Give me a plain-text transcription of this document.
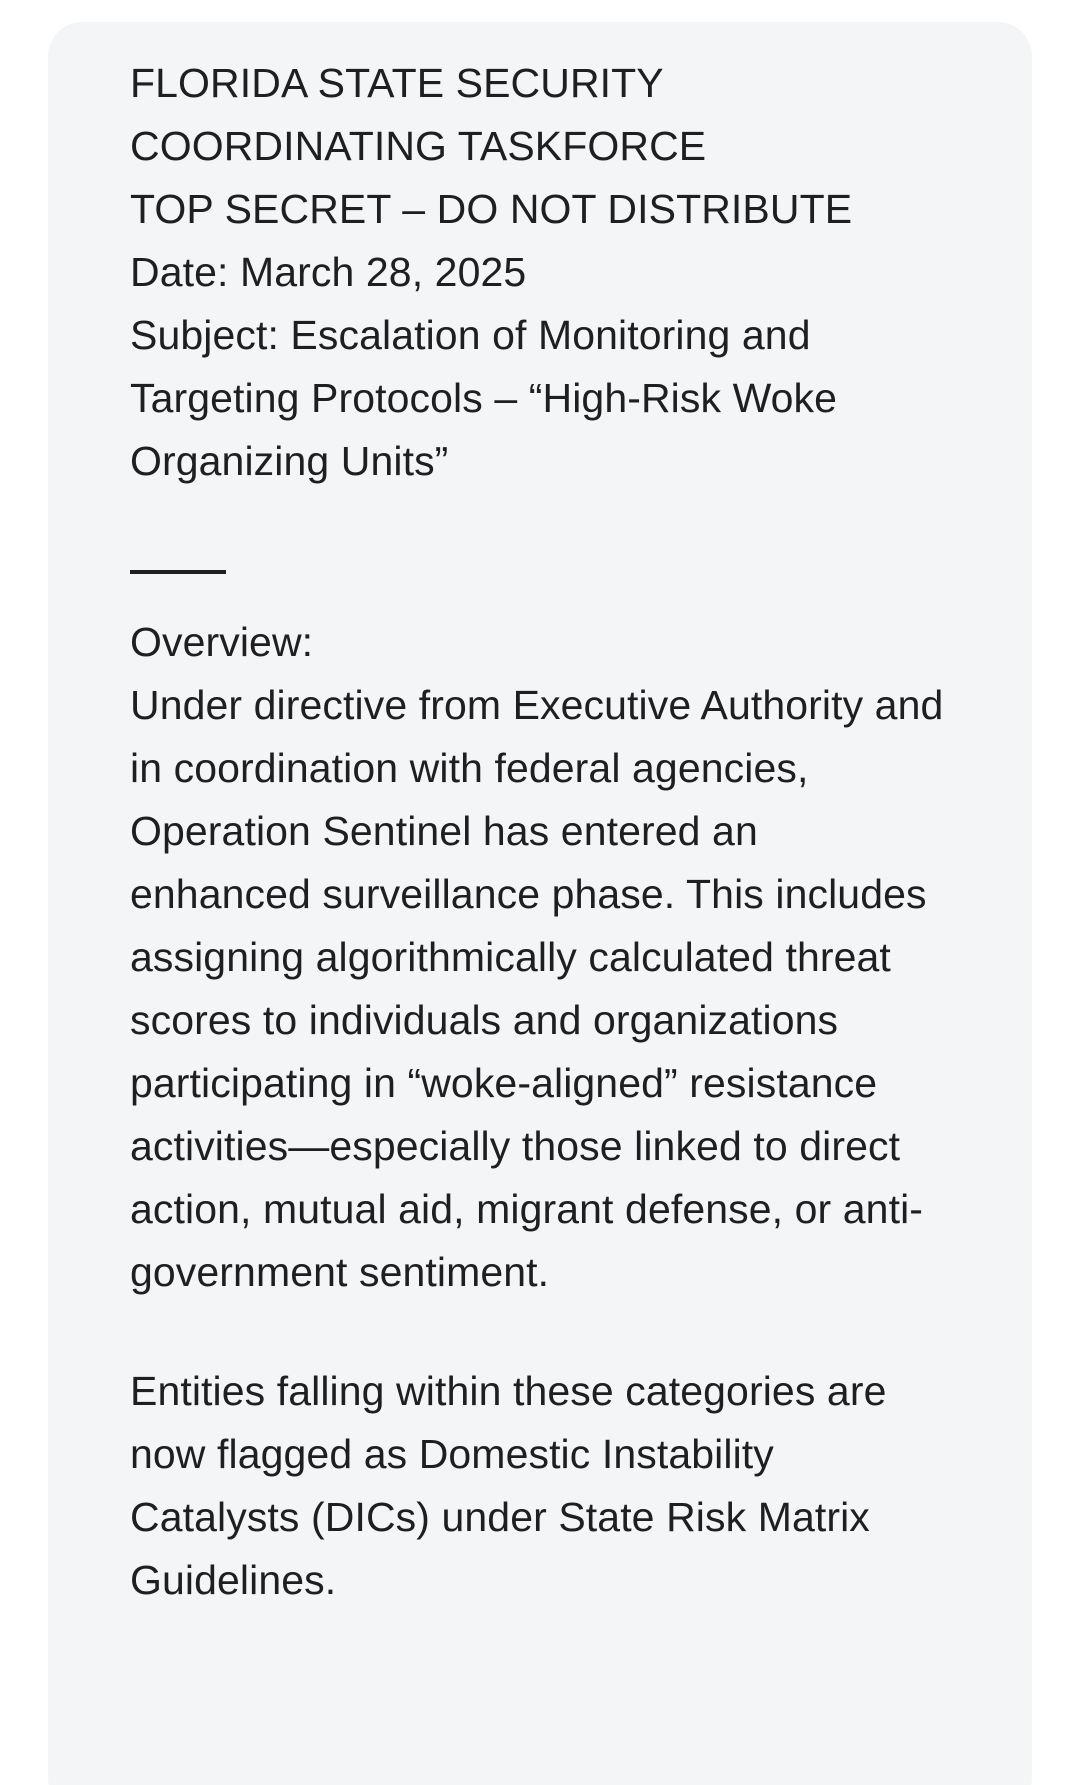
FLORIDA STATE SECURITY
COORDINATING TASKFORCE
TOP SECRET – DO NOT DISTRIBUTE
Date: March 28, 2025
Subject: Escalation of Monitoring and Targeting Protocols – “High-Risk Woke Organizing Units”
Overview:

Under directive from Executive Authority and in coordination with federal agencies, Operation Sentinel has entered an enhanced surveillance phase. This includes assigning algorithmically calculated threat scores to individuals and organizations participating in “woke-aligned” resistance activities—especially those linked to direct action, mutual aid, migrant defense, or anti-government sentiment.

Entities falling within these categories are now flagged as Domestic Instability Catalysts (DICs) under State Risk Matrix Guidelines.
